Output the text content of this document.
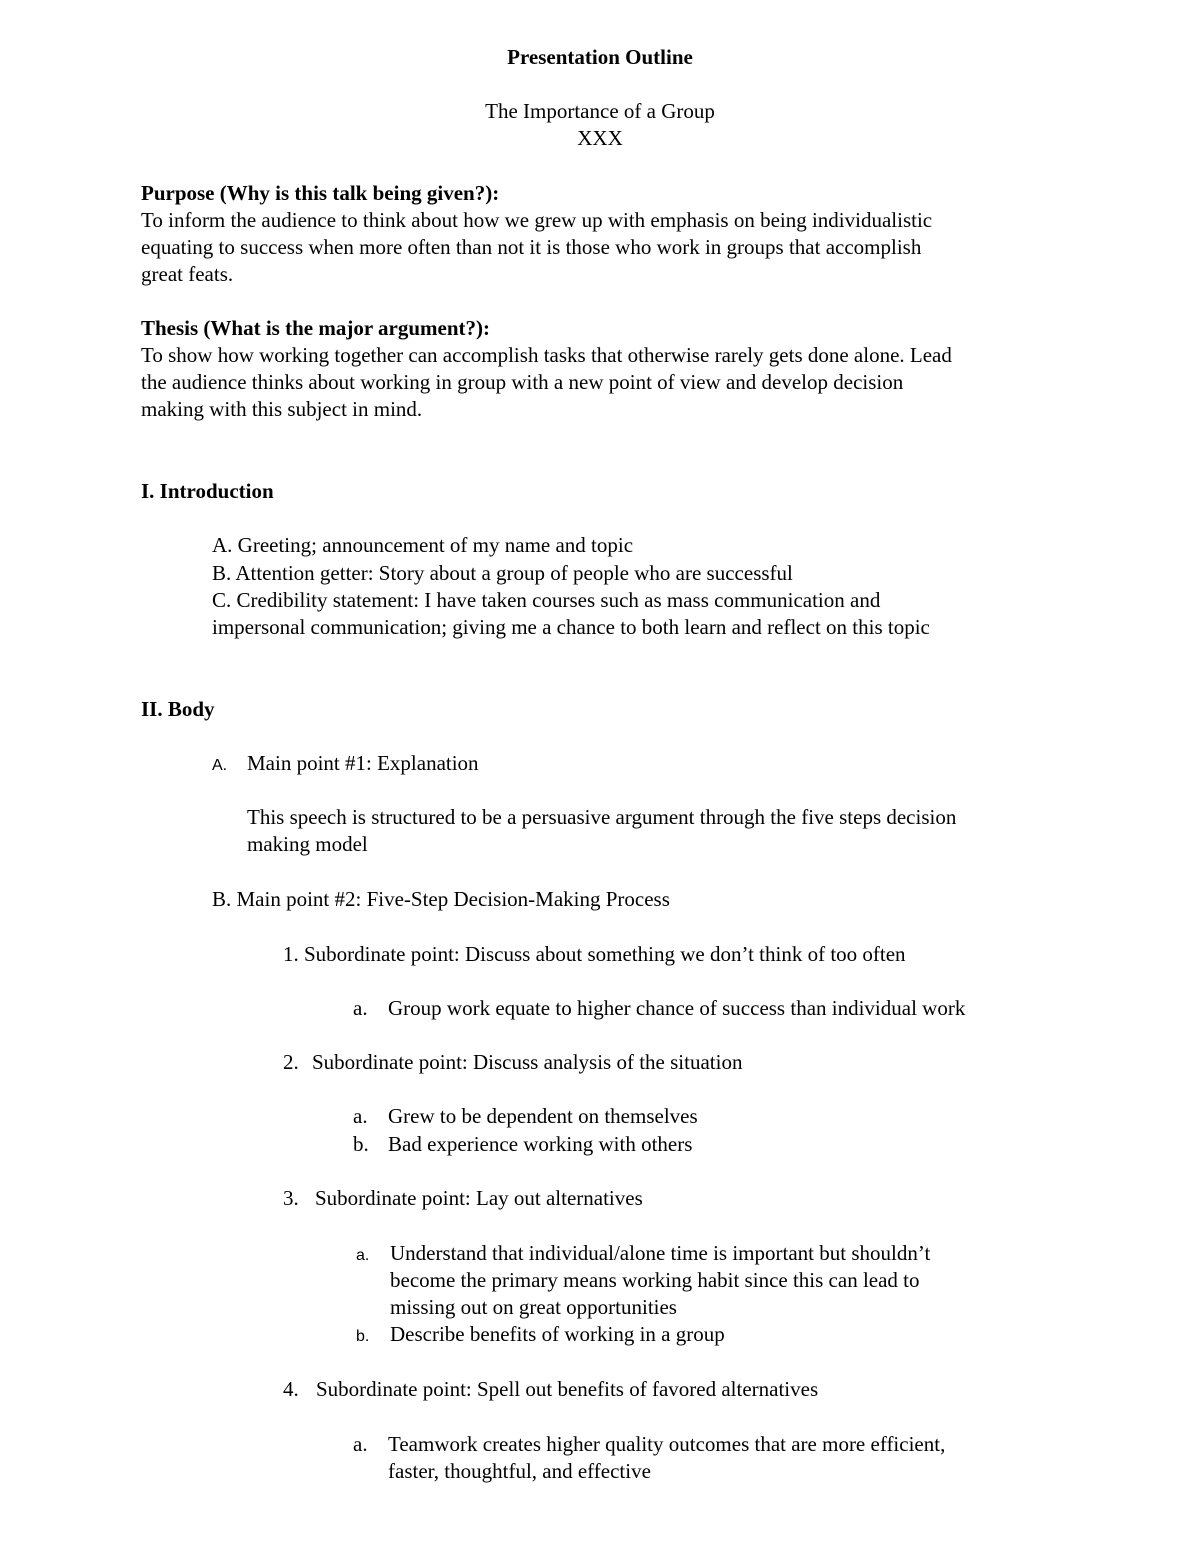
Presentation Outline
The Importance of a Group
XXX
Purpose (Why is this talk being given?):
To inform the audience to think about how we grew up with emphasis on being individualistic
equating to success when more often than not it is those who work in groups that accomplish
great feats.
Thesis (What is the major argument?):
To show how working together can accomplish tasks that otherwise rarely gets done alone. Lead
the audience thinks about working in group with a new point of view and develop decision
making with this subject in mind.
I. Introduction
A. Greeting; announcement of my name and topic
B. Attention getter: Story about a group of people who are successful
C. Credibility statement: I have taken courses such as mass communication and
impersonal communication; giving me a chance to both learn and reflect on this topic
II. Body
A. Main point #1: Explanation
This speech is structured to be a persuasive argument through the five steps decision
making model
B. Main point #2: Five-Step Decision-Making Process
1. Subordinate point: Discuss about something we don’t think of too often
a. Group work equate to higher chance of success than individual work
2. Subordinate point: Discuss analysis of the situation
a. Grew to be dependent on themselves
b. Bad experience working with others
3. Subordinate point: Lay out alternatives
a. Understand that individual/alone time is important but shouldn’t
become the primary means working habit since this can lead to
missing out on great opportunities
b. Describe benefits of working in a group
4. Subordinate point: Spell out benefits of favored alternatives
a. Teamwork creates higher quality outcomes that are more efficient,
faster, thoughtful, and effective
